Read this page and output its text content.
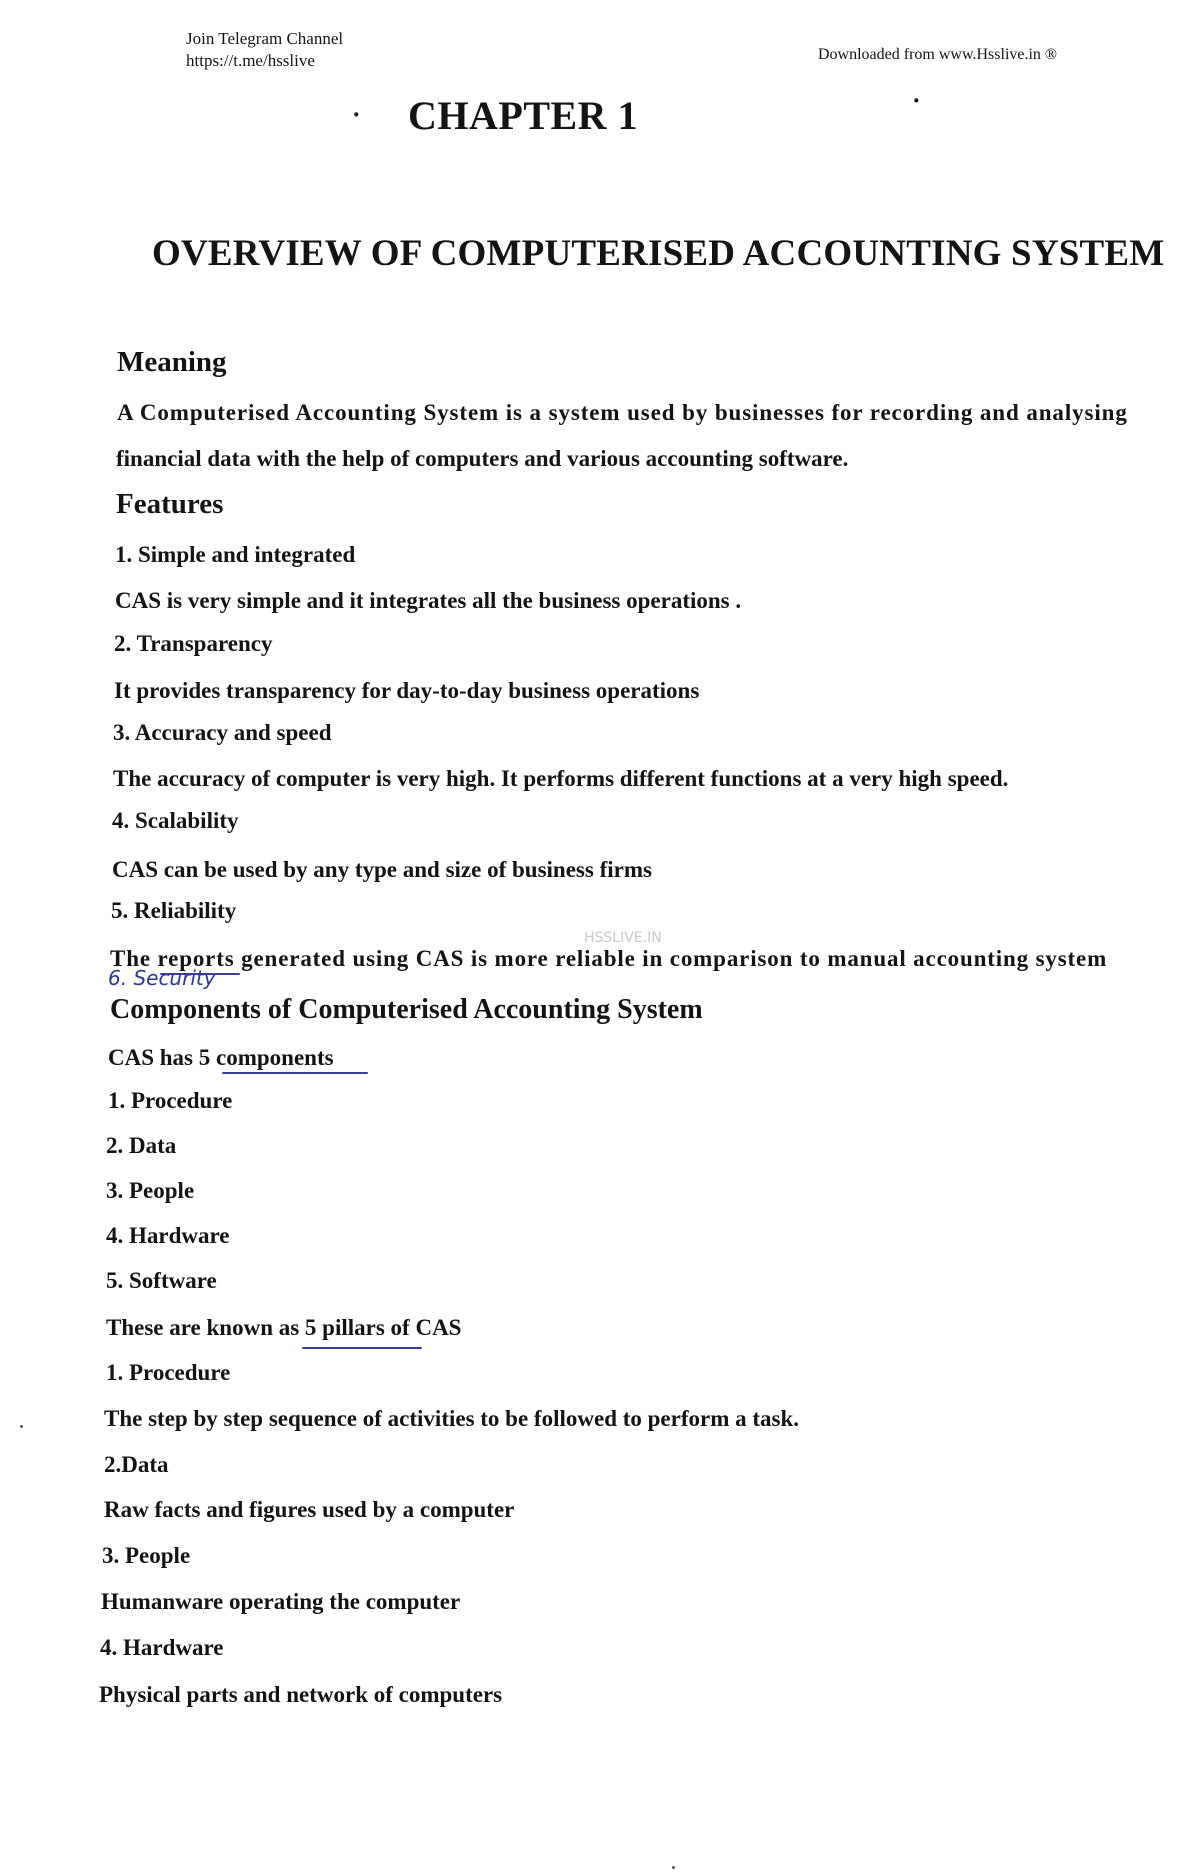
Join Telegram Channel
https://t.me/hsslive	Downloaded from www.Hsslive.in ®
·	·
CHAPTER 1
OVERVIEW OF COMPUTERISED ACCOUNTING SYSTEM
Meaning
A Computerised Accounting System is a system used by businesses for recording and analysing
financial data with the help of computers and various accounting software.
Features
1. Simple and integrated
CAS is very simple and it integrates all the business operations .
2. Transparency
It provides transparency for day-to-day business operations
3. Accuracy and speed
The accuracy of computer is very high. It performs different functions at a very high speed.
4. Scalability
CAS can be used by any type and size of business firms
5. Reliability
HSSLIVE.IN
The reports generated using CAS is more reliable in comparison to manual accounting system
6. Security
Components of Computerised Accounting System
CAS has 5 components
1. Procedure
2. Data
3. People
4. Hardware
5. Software
These are known as 5 pillars of CAS
1. Procedure
The step by step sequence of activities to be followed to perform a task.
2.Data
Raw facts and figures used by a computer
3. People
Humanware operating the computer
4. Hardware
Physical parts and network of computers
